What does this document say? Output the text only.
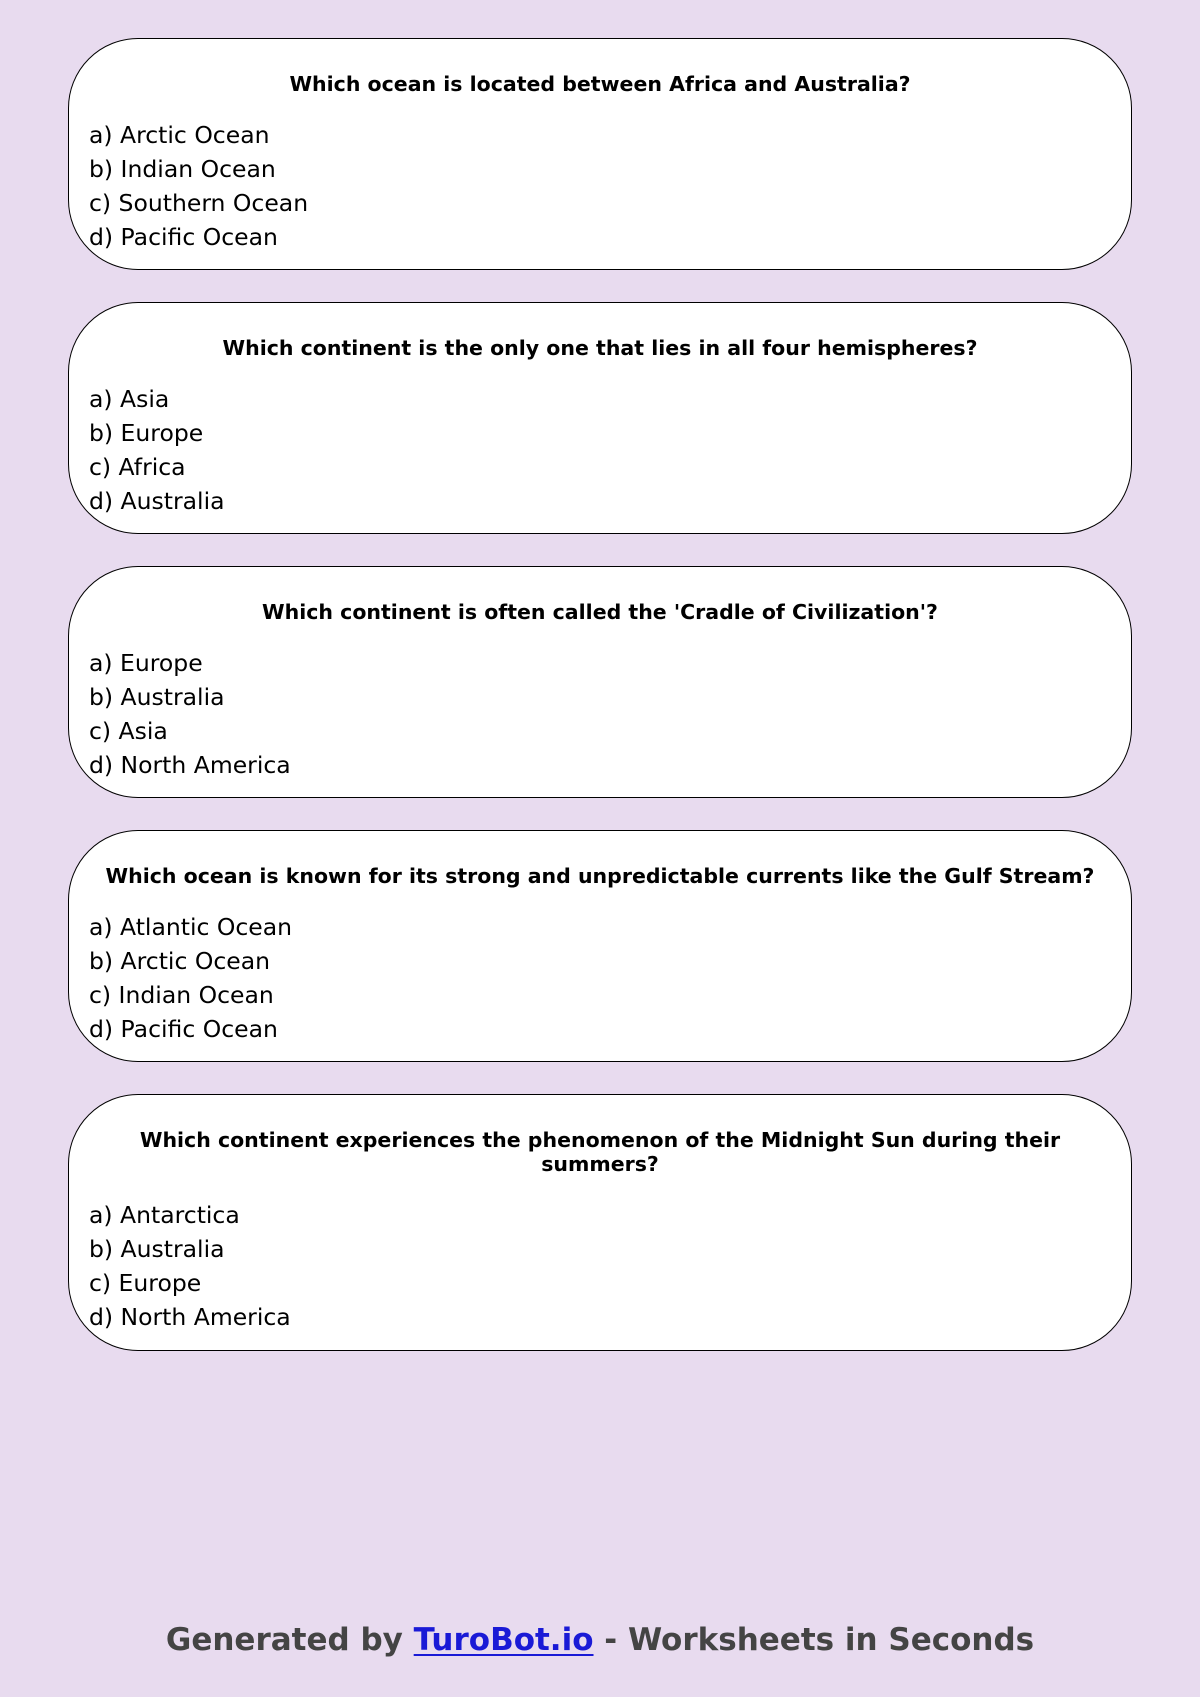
Which ocean is located between Africa and Australia?
a) Arctic Ocean
b) Indian Ocean
c) Southern Ocean
d) Pacific Ocean
Which continent is the only one that lies in all four hemispheres?
a) Asia
b) Europe
c) Africa
d) Australia
Which continent is often called the 'Cradle of Civilization'?
a) Europe
b) Australia
c) Asia
d) North America
Which ocean is known for its strong and unpredictable currents like the Gulf Stream?
a) Atlantic Ocean
b) Arctic Ocean
c) Indian Ocean
d) Pacific Ocean
Which continent experiences the phenomenon of the Midnight Sun during their summers?
a) Antarctica
b) Australia
c) Europe
d) North America
Generated by TuroBot.io - Worksheets in Seconds
